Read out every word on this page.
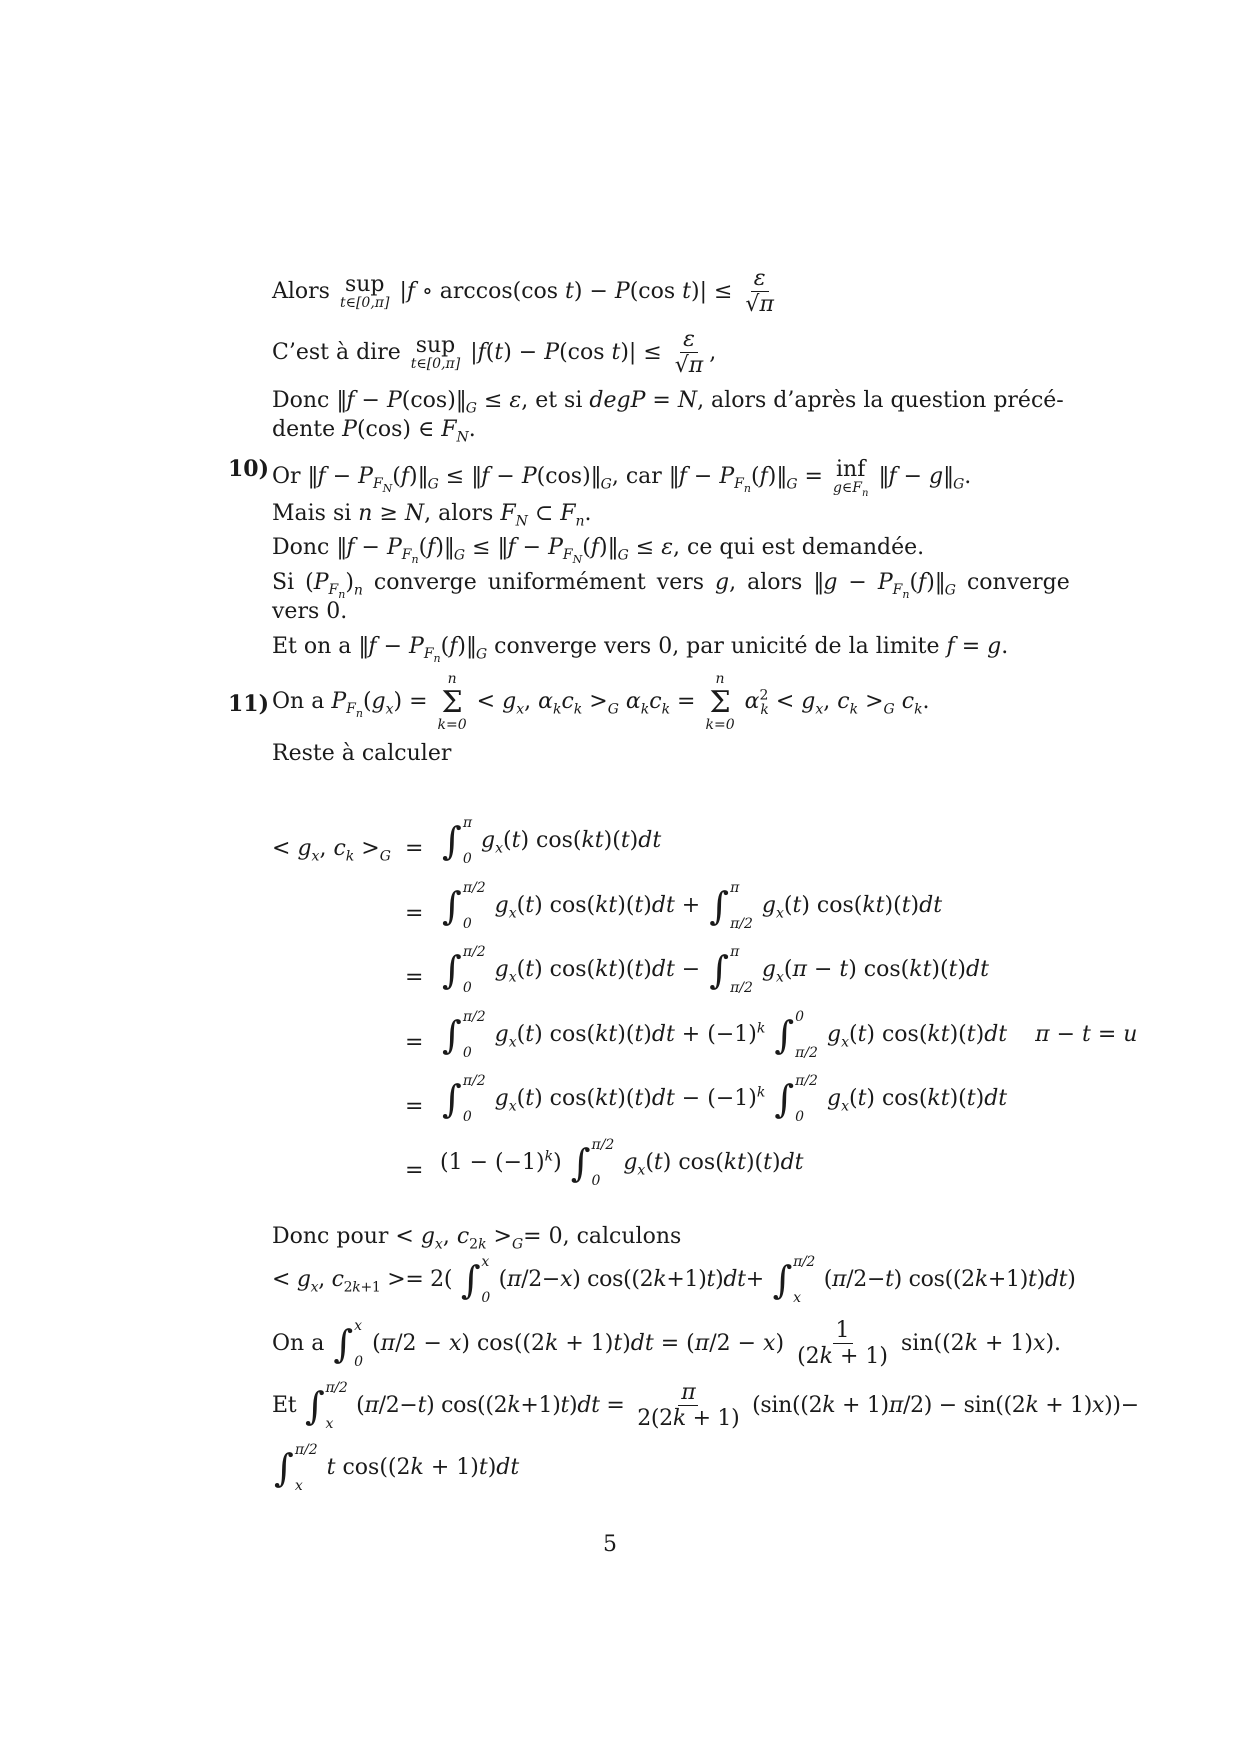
Alors sup
t∈[0,π] |f ∘ arccos(cos t) − P(cos $t)| \le \frac{\varepsilon}{√\pi}$
C’est à dire sup
t∈[0,π] |f(t) − P(cos $t)| \le \frac{\varepsilon}{√\pi}$ ,
Donc ‖f − $P(\cos)‖_G \le \varepsilon$, et si degP = N, alors d’après la question précé-
dente P(cos) ∈ $F_N$.
10) Or ‖f − $P_{F_N}(f)‖_G$ ≤ ‖f − $P(\cos)‖_G$, car ‖f − $P_{F_n}(f)‖_G$ = inf
$g\in F_n$
‖f − $g‖_G$.
Mais si n ≥ N, alors $F_N$ ⊂ $F_n$.
Donc ‖f − $P_{F_n}(f)‖_G$ ≤ ‖f − $P_{F_N}(f)‖_G \le \varepsilon$, ce qui est demandée.
Si $(P_{F_n})_n$ converge uniformément vers g, alors ‖g − $P_{F_n}(f)‖_G$ converge
vers 0.
Et on a ‖f − $P_{F_n}(f)‖_G$ converge vers 0, par unicité de la limite f = g.
11) On a $P_{F_n}(g_x)$ =
n
Σ
k=0
< $g_x$, $\alpha_kc_k >_G$ $\alpha_kc_k$ =
n
Σ
k=0
$\alpha^2_k < g_x$, $c_k >_G$ $c_k$.
Reste à calculer
< $g_x$, $c_k >_G$ = ∫ π
0
$g_x(t)$ cos(kt)(t)dt
= ∫ π/2
0
$g_x(t) \cos(kt)(t)dt$ + ∫ π
π/2
$g_x(t)$ cos(kt)(t)dt
= ∫ π/2
0
$g_x(t) \cos(kt)(t)dt$ − ∫ π
π/2
$g_x(\pi - t)$ cos(kt)(t)dt
= ∫ π/2
0
$g_x(t) \cos(kt)(t)dt + (-1)^k$ ∫ 0
π/2
$g_x(t)$ cos(kt)(t)dt π − t = u
= ∫ π/2
0
$g_x(t) \cos(kt)(t)dt - (-1)^k$ ∫ π/2
0
$g_x(t)$ cos(kt)(t)dt
= $(1 - (-1)^k)$ ∫ π/2
0
$g_x(t)$ cos(kt)(t)dt
Donc pour < $g_x$, $c_{2k} >_G= 0$, calculons
< $g_x$, $c_{2k+1} >= 2$( ∫ x
0
(π/2−x) cos((2k+1)t)dt+ ∫ π/2
x
(π/2−t) cos((2k+1)t)dt)
On a ∫ x
0
(π/2 − x) $\cos((2k + 1)t)dt = (\pi/2 - x) \frac{1}{(2k + 1)} \sin((2k + 1)x)$.
Et ∫ π/2
x
(π/2−t) $\cos((2k+1)t)dt = \frac{\pi}{2(2k + 1)} (\sin((2k + 1)\pi/2) - \sin((2k + 1)x))-$
∫ π/2
x
t cos((2k + 1)t)dt
5
